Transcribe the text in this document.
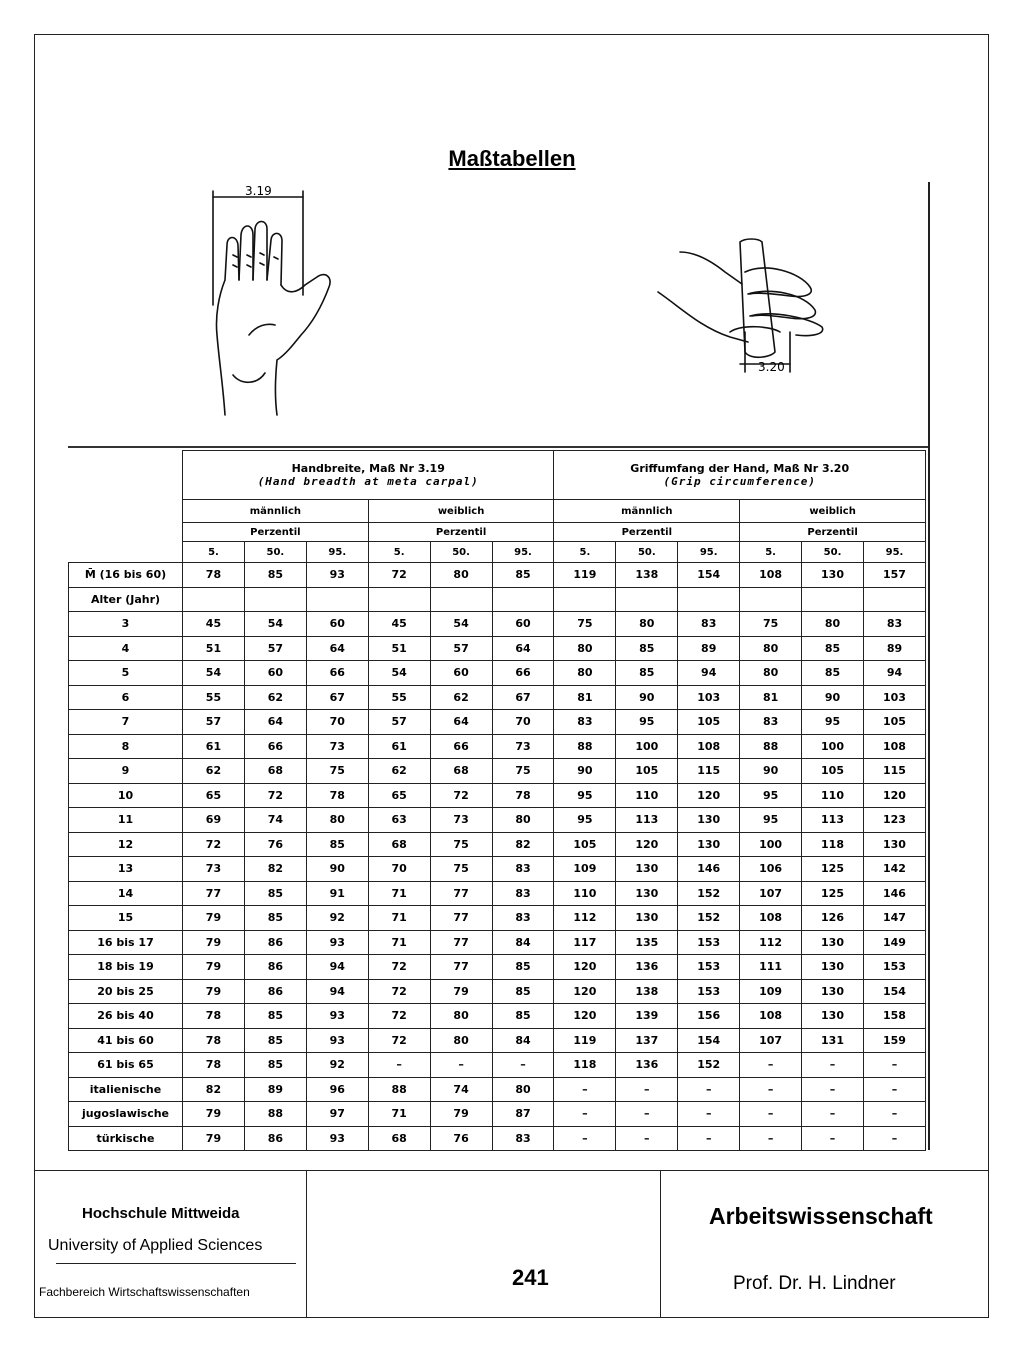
Maßtabellen
3.19
3.20

	Handbreite, Maß Nr 3.19
(Hand breadth at meta carpal)						Griffumfang der Hand, Maß Nr 3.20
(Grip circumference)					
	männlich			weiblich			männlich			weiblich		
	Perzentil			Perzentil			Perzentil			Perzentil		
	5.	50.	95.	5.	50.	95.	5.	50.	95.	5.	50.	95.
M̄ (16 bis 60)	78	85	93	72	80	85	119	138	154	108	130	157
Alter (Jahr)												
3	45	54	60	45	54	60	75	80	83	75	80	83
4	51	57	64	51	57	64	80	85	89	80	85	89
5	54	60	66	54	60	66	80	85	94	80	85	94
6	55	62	67	55	62	67	81	90	103	81	90	103
7	57	64	70	57	64	70	83	95	105	83	95	105
8	61	66	73	61	66	73	88	100	108	88	100	108
9	62	68	75	62	68	75	90	105	115	90	105	115
10	65	72	78	65	72	78	95	110	120	95	110	120
11	69	74	80	63	73	80	95	113	130	95	113	123
12	72	76	85	68	75	82	105	120	130	100	118	130
13	73	82	90	70	75	83	109	130	146	106	125	142
14	77	85	91	71	77	83	110	130	152	107	125	146
15	79	85	92	71	77	83	112	130	152	108	126	147
16 bis 17	79	86	93	71	77	84	117	135	153	112	130	149
18 bis 19	79	86	94	72	77	85	120	136	153	111	130	153
20 bis 25	79	86	94	72	79	85	120	138	153	109	130	154
26 bis 40	78	85	93	72	80	85	120	139	156	108	130	158
41 bis 60	78	85	93	72	80	84	119	137	154	107	131	159
61 bis 65	78	85	92	–	–	–	118	136	152	–	–	–
italienische	82	89	96	88	74	80	–	–	–	–	–	–
jugoslawische	79	88	97	71	79	87	–	–	–	–	–	–
türkische	79	86	93	68	76	83	–	–	–	–	–	–
Hochschule Mittweida
University of Applied Sciences
Fachbereich Wirtschaftswissenschaften
241
Arbeitswissenschaft
Prof. Dr. H. Lindner
